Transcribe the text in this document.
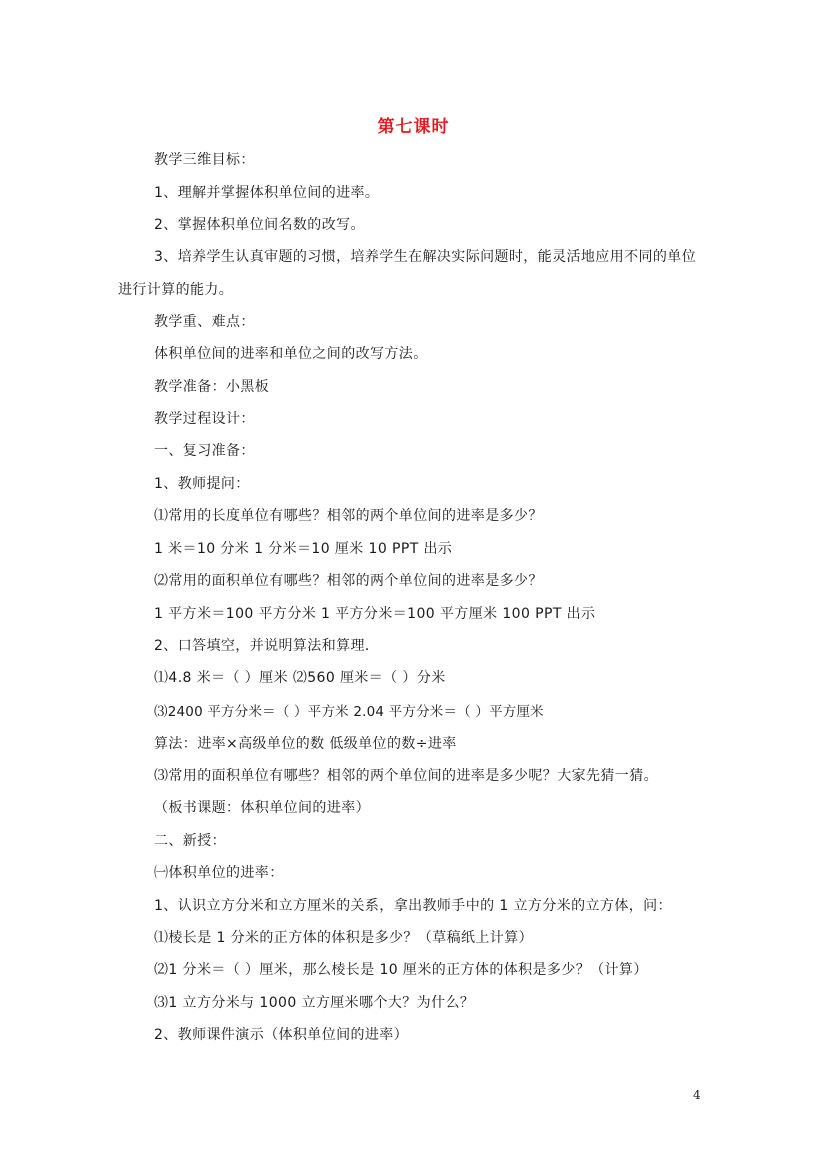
第七课时
教学三维目标：
1、理解并掌握体积单位间的进率。
2、掌握体积单位间名数的改写。
3、培养学生认真审题的习惯，培养学生在解决实际问题时，能灵活地应用不同的单位
进行计算的能力。
教学重、难点：
体积单位间的进率和单位之间的改写方法。
教学准备：小黑板
教学过程设计：
一、复习准备：
1、教师提问：
⑴常用的长度单位有哪些？相邻的两个单位间的进率是多少？
1 米＝10 分米 1 分米＝10 厘米 10 PPT 出示
⑵常用的面积单位有哪些？相邻的两个单位间的进率是多少？
1 平方米＝100 平方分米 1 平方分米＝100 平方厘米 100 PPT 出示
2、口答填空，并说明算法和算理．
⑴4.8 米＝（ ）厘米 ⑵560 厘米＝（ ）分米
⑶2400 平方分米＝（ ）平方米 2.04 平方分米＝（ ）平方厘米
算法：进率×高级单位的数 低级单位的数÷进率
⑶常用的面积单位有哪些？相邻的两个单位间的进率是多少呢？大家先猜一猜。
（板书课题：体积单位间的进率）
二、新授：
㈠体积单位的进率：
1、认识立方分米和立方厘米的关系，拿出教师手中的 1 立方分米的立方体，问：
⑴棱长是 1 分米的正方体的体积是多少？（草稿纸上计算）
⑵1 分米＝（ ）厘米，那么棱长是 10 厘米的正方体的体积是多少？（计算）
⑶1 立方分米与 1000 立方厘米哪个大？为什么？
2、教师课件演示（体积单位间的进率）
4
